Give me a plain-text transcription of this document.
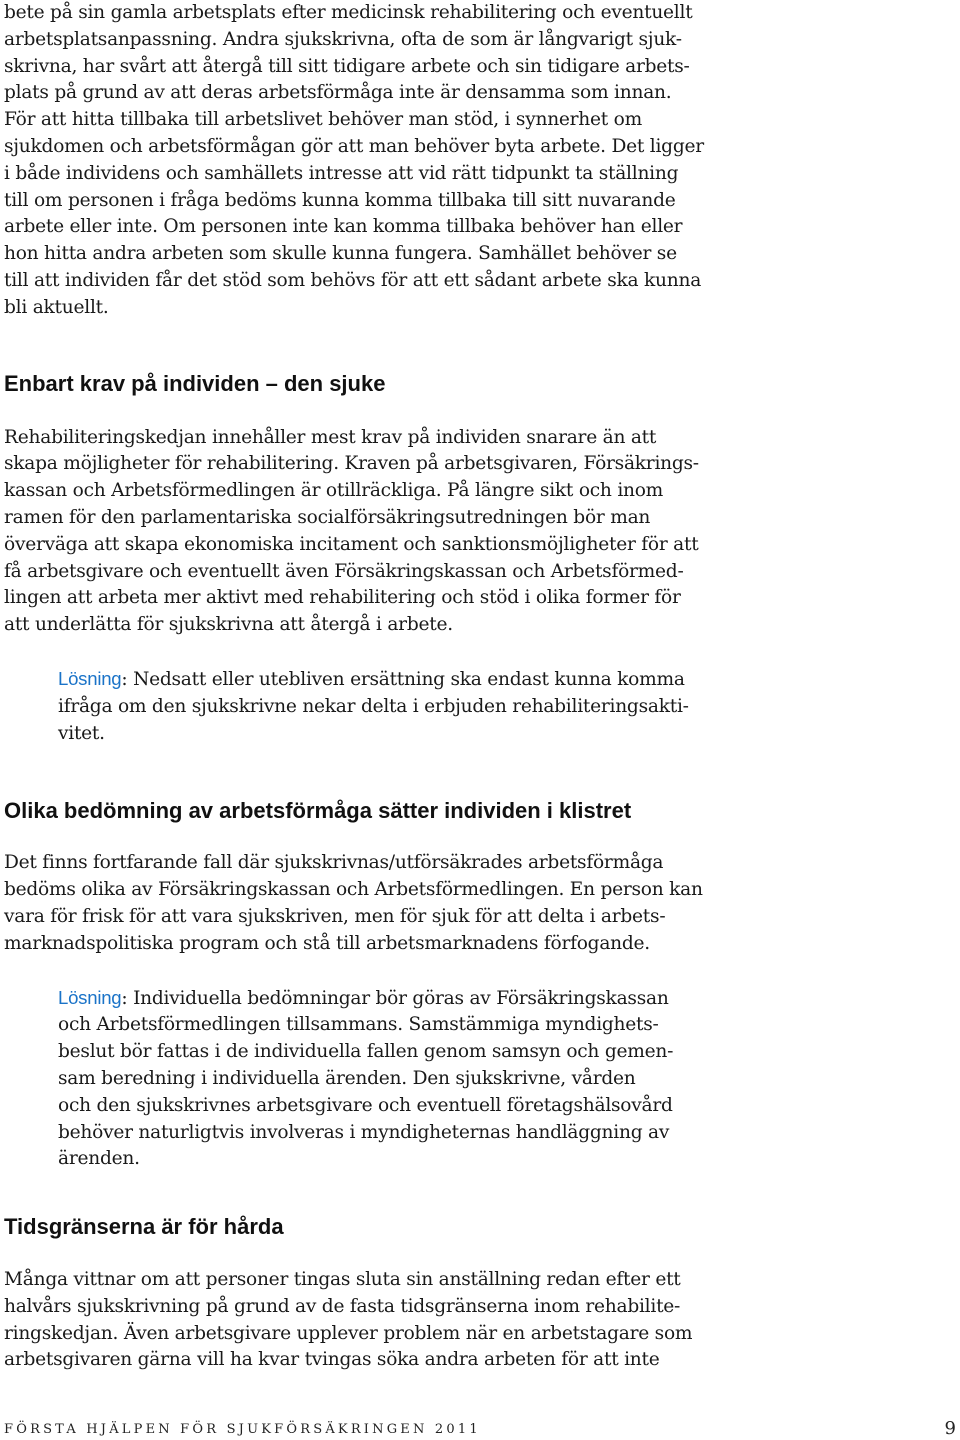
bete på sin gamla arbetsplats efter medicinsk rehabilitering och eventuellt
arbetsplatsanpassning. Andra sjukskrivna, ofta de som är långvarigt sjuk-
skrivna, har svårt att återgå till sitt tidigare arbete och sin tidigare arbets-
plats på grund av att deras arbetsförmåga inte är densamma som innan.
För att hitta tillbaka till arbetslivet behöver man stöd, i synnerhet om
sjukdomen och arbetsförmågan gör att man behöver byta arbete. Det ligger
i både individens och samhällets intresse att vid rätt tidpunkt ta ställning
till om personen i fråga bedöms kunna komma tillbaka till sitt nuvarande
arbete eller inte. Om personen inte kan komma tillbaka behöver han eller
hon hitta andra arbeten som skulle kunna fungera. Samhället behöver se
till att individen får det stöd som behövs för att ett sådant arbete ska kunna
bli aktuellt.

Enbart krav på individen – den sjuke

Rehabiliteringskedjan innehåller mest krav på individen snarare än att
skapa möjligheter för rehabilitering. Kraven på arbetsgivaren, Försäkrings-
kassan och Arbetsförmedlingen är otillräckliga. På längre sikt och inom
ramen för den parlamentariska socialförsäkringsutredningen bör man
överväga att skapa ekonomiska incitament och sanktionsmöjligheter för att
få arbetsgivare och eventuellt även Försäkringskassan och Arbetsförmed-
lingen att arbeta mer aktivt med rehabilitering och stöd i olika former för
att underlätta för sjukskrivna att återgå i arbete.

Lösning: Nedsatt eller utebliven ersättning ska endast kunna komma
ifråga om den sjukskrivne nekar delta i erbjuden rehabiliteringsakti-
vitet.

Olika bedömning av arbetsförmåga sätter individen i klistret

Det finns fortfarande fall där sjukskrivnas/utförsäkrades arbetsförmåga
bedöms olika av Försäkringskassan och Arbetsförmedlingen. En person kan
vara för frisk för att vara sjukskriven, men för sjuk för att delta i arbets-
marknadspolitiska program och stå till arbetsmarknadens förfogande.

Lösning: Individuella bedömningar bör göras av Försäkringskassan
och Arbetsförmedlingen tillsammans. Samstämmiga myndighets-
beslut bör fattas i de individuella fallen genom samsyn och gemen-
sam beredning i individuella ärenden. Den sjukskrivne, vården
och den sjukskrivnes arbetsgivare och eventuell företagshälsovård
behöver naturligtvis involveras i myndigheternas handläggning av
ärenden.

Tidsgränserna är för hårda

Många vittnar om att personer tingas sluta sin anställning redan efter ett
halvårs sjukskrivning på grund av de fasta tidsgränserna inom rehabilite-
ringskedjan. Även arbetsgivare upplever problem när en arbetstagare som
arbetsgivaren gärna vill ha kvar tvingas söka andra arbeten för att inte

FÖRSTA HJÄLPEN FÖR SJUKFÖRSÄKRINGEN 2011	9
